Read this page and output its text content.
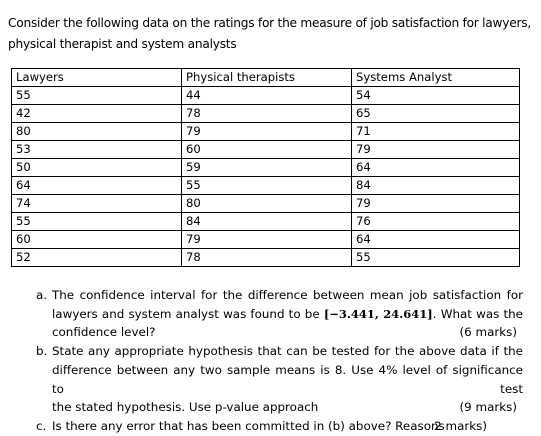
Consider the following data on the ratings for the measure of job satisfaction for lawyers,
physical therapist and system analysts
Lawyers	Physical therapists	Systems Analyst
55	44	54
42	78	65
80	79	71
53	60	79
50	59	64
64	55	84
74	80	79
55	84	76
60	79	64
52	78	55
a. The confidence interval for the difference between mean job satisfaction for
lawyers and system analyst was found to be [−3.441, 24.641]. What was the
confidence level?	(6 marks)
b. State any appropriate hypothesis that can be tested for the above data if the
difference between any two sample means is 8. Use 4% level of significance to test
the stated hypothesis. Use p-value approach	(9 marks)
c. Is there any error that has been committed in (b) above? Reasons
2 marks)
